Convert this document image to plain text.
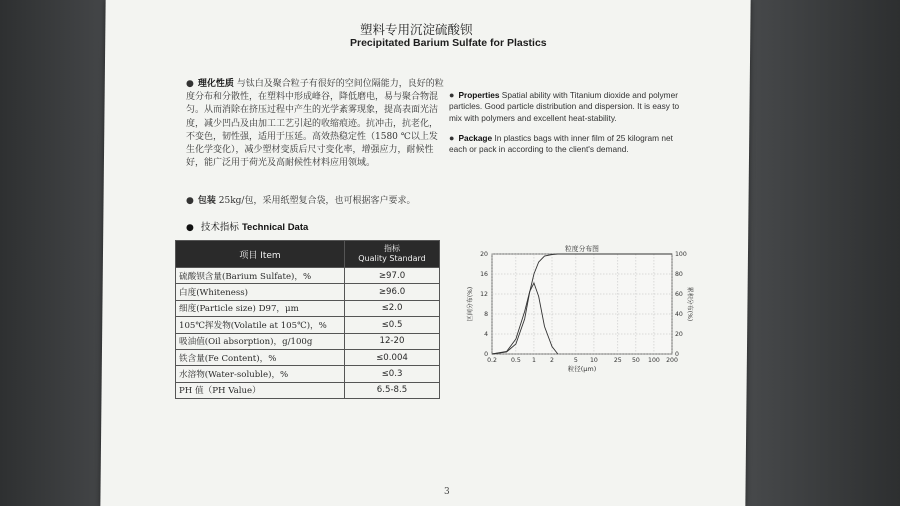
塑料专用沉淀硫酸钡
Precipitated Barium Sulfate for Plastics
● 理化性质 与钛白及聚合粒子有很好的空间位隔能力，良好的粒度分布和分散性，在塑料中形成峰谷，降低磨电，易与聚合物混匀。从而消除在挤压过程中产生的光学紊雾现象，提高表面光洁度，减少凹凸及由加工工艺引起的收缩痕迹。抗冲击，抗老化，不变色，韧性强，适用于压延。高效热稳定性（1580 ℃以上发生化学变化），减少塑材变质后尺寸变化率，增强应力，耐候性好，能广泛用于荷光及高耐候性材料应用领域。
● 包装 25kg/包，采用纸塑复合袋，也可根据客户要求。
● Properties Spatial ability with Titanium dioxide and polymer particles. Good particle distribution and dispersion. It is easy to mix with polymers and excellent heat-stability.
● Package In plastics bags with inner film of 25 kilogram net each or pack in according to the client's demand.
● 技术指标 Technical Data
项目 Item	指标
Quality Standard

硫酸钡含量(Barium Sulfate)，%	≥97.0
白度(Whiteness)	≥96.0
细度(Particle size) D97，μm	≤2.0
105℃挥发物(Volatile at 105℃)，%	≤0.5
吸油值(Oil absorption)，g/100g	12-20
铁含量(Fe Content)，%	≤0.004
水溶物(Water-soluble)，%	≤0.3
PH 值（PH Value）	6.5-8.5
0.2 0.5 1 2	5 10	25 50 100 200
0
4
8
12
16
20
0
20
40
60
80
100
粒度分布图
粒径(μm)
区间分布(%)	累积分布(%)
3
